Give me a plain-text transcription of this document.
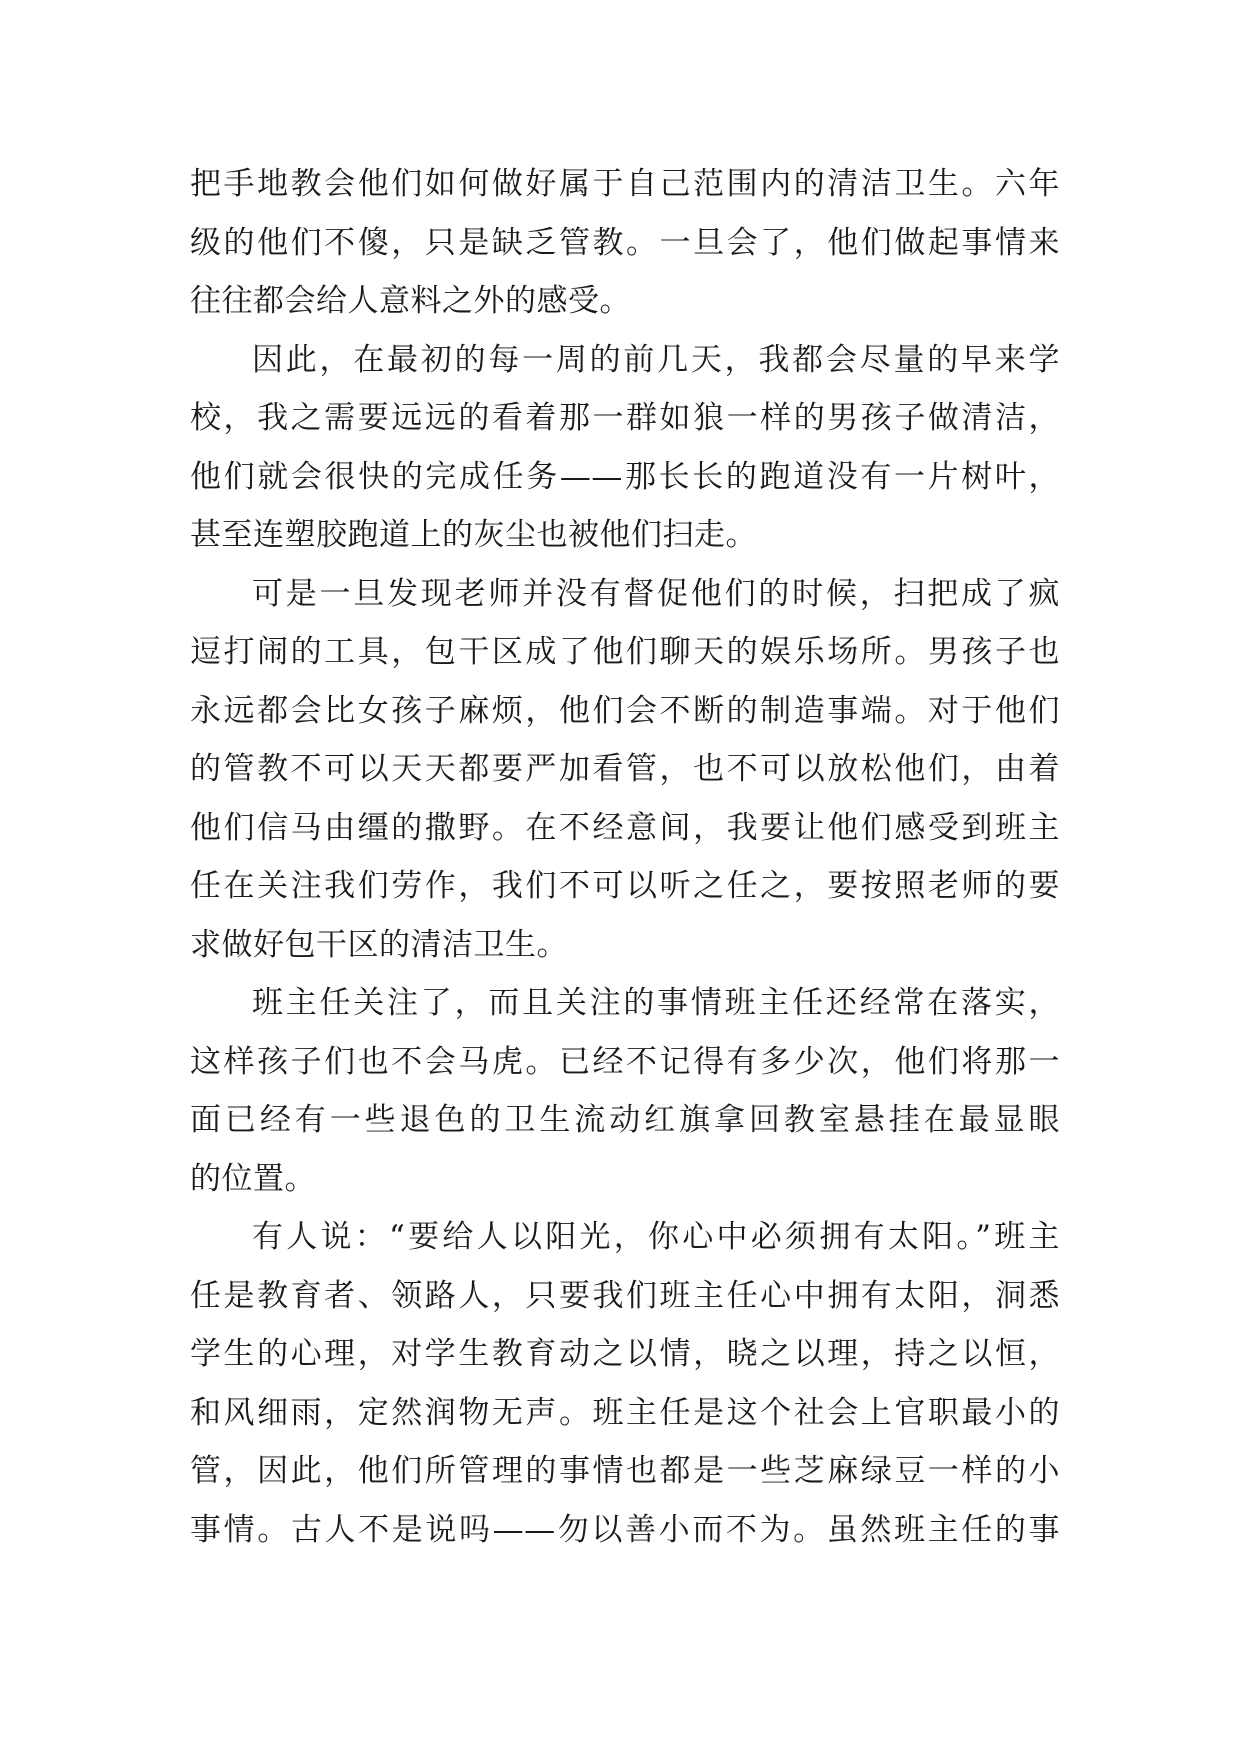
把手地教会他们如何做好属于自己范围内的清洁卫生。六年
级的他们不傻，只是缺乏管教。一旦会了，他们做起事情来
往往都会给人意料之外的感受。
因此，在最初的每一周的前几天，我都会尽量的早来学
校，我之需要远远的看着那一群如狼一样的男孩子做清洁，
他们就会很快的完成任务——那长长的跑道没有一片树叶，
甚至连塑胶跑道上的灰尘也被他们扫走。
可是一旦发现老师并没有督促他们的时候，扫把成了疯
逗打闹的工具，包干区成了他们聊天的娱乐场所。男孩子也
永远都会比女孩子麻烦，他们会不断的制造事端。对于他们
的管教不可以天天都要严加看管，也不可以放松他们，由着
他们信马由缰的撒野。在不经意间，我要让他们感受到班主
任在关注我们劳作，我们不可以听之任之，要按照老师的要
求做好包干区的清洁卫生。
班主任关注了，而且关注的事情班主任还经常在落实，
这样孩子们也不会马虎。已经不记得有多少次，他们将那一
面已经有一些退色的卫生流动红旗拿回教室悬挂在最显眼
的位置。
有人说：“要给人以阳光，你心中必须拥有太阳。”班主
任是教育者、领路人，只要我们班主任心中拥有太阳，洞悉
学生的心理，对学生教育动之以情，晓之以理，持之以恒，
和风细雨，定然润物无声。班主任是这个社会上官职最小的
管，因此，他们所管理的事情也都是一些芝麻绿豆一样的小
事情。古人不是说吗——勿以善小而不为。虽然班主任的事
